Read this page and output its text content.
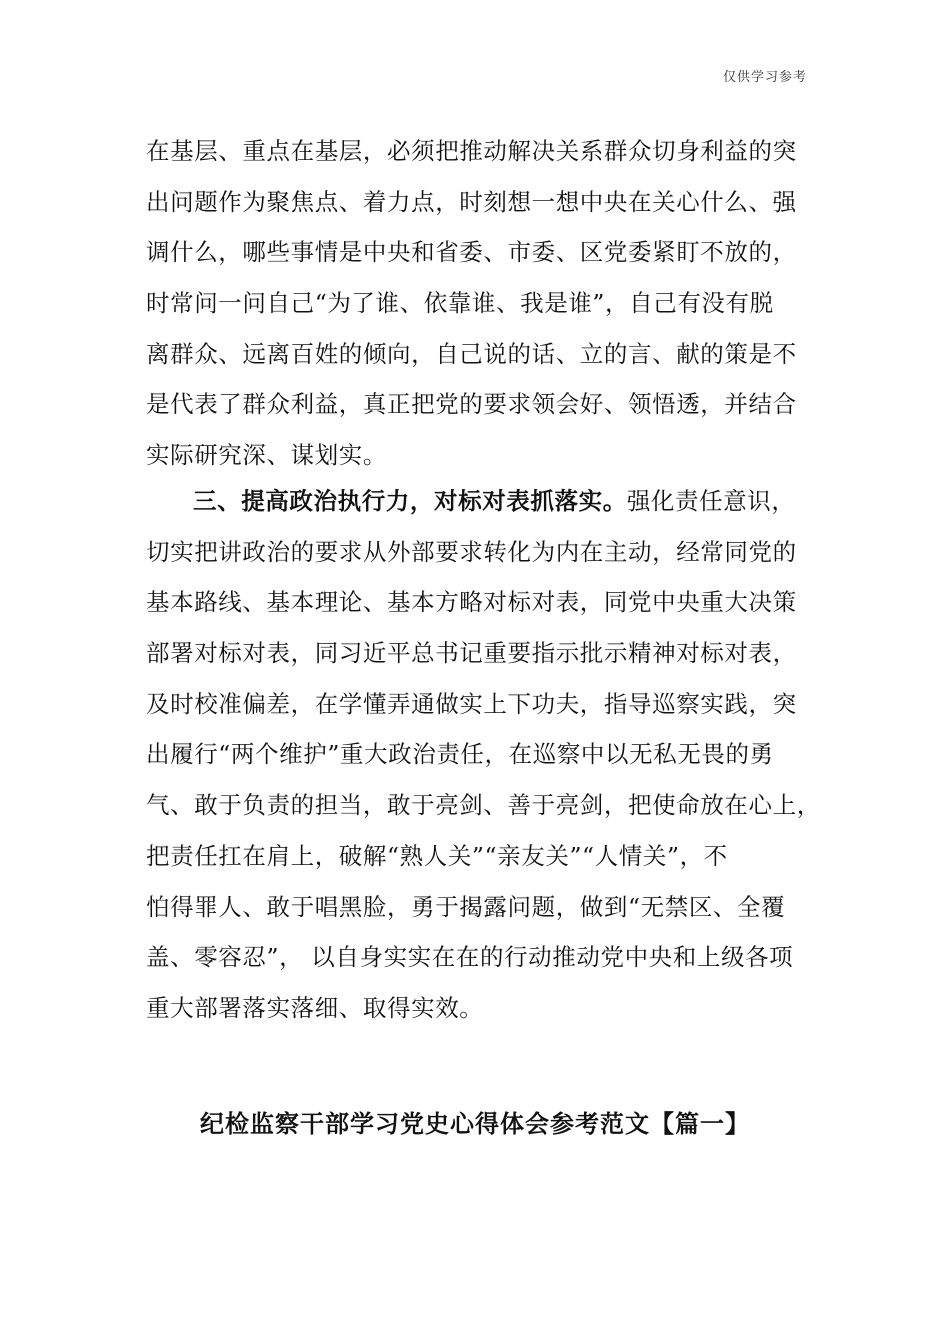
仅供学习参考
在基层、重点在基层，必须把推动解决关系群众切身利益的突
出问题作为聚焦点、着力点，时刻想一想中央在关心什么、强
调什么，哪些事情是中央和省委、市委、区党委紧盯不放的，
时常问一问自己“为了谁、依靠谁、我是谁”，自己有没有脱
离群众、远离百姓的倾向，自己说的话、立的言、献的策是不
是代表了群众利益，真正把党的要求领会好、领悟透，并结合
实际研究深、谋划实。
三、提高政治执行力，对标对表抓落实。强化责任意识，
切实把讲政治的要求从外部要求转化为内在主动，经常同党的
基本路线、基本理论、基本方略对标对表，同党中央重大决策
部署对标对表，同习近平总书记重要指示批示精神对标对表，
及时校准偏差，在学懂弄通做实上下功夫，指导巡察实践，突
出履行“两个维护”重大政治责任，在巡察中以无私无畏的勇
气、敢于负责的担当，敢于亮剑、善于亮剑，把使命放在心上，
把责任扛在肩上，破解“熟人关”“亲友关”“人情关”，不
怕得罪人、敢于唱黑脸，勇于揭露问题，做到“无禁区、全覆
盖、零容忍”， 以自身实实在在的行动推动党中央和上级各项
重大部署落实落细、取得实效。
纪检监察干部学习党史心得体会参考范文【篇一】
